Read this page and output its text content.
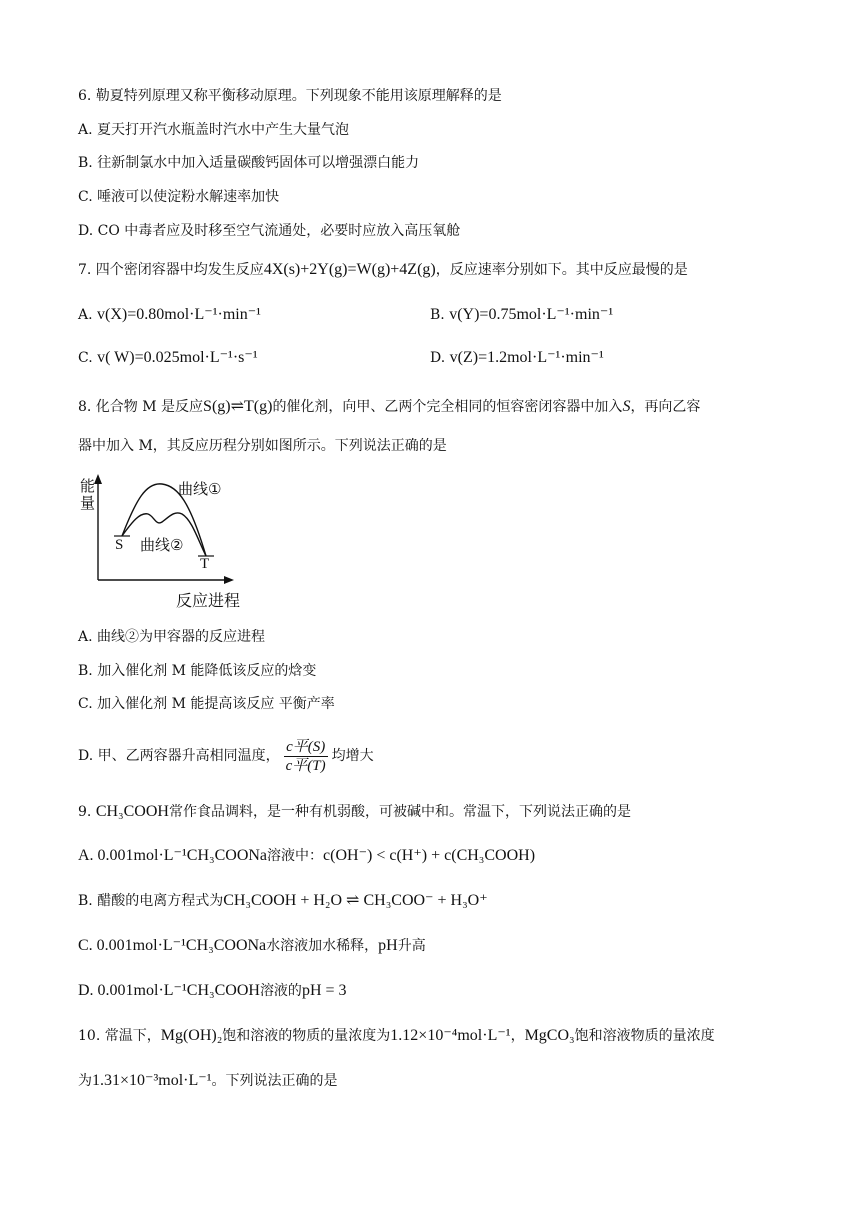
6. 勒夏特列原理又称平衡移动原理。下列现象不能用该原理解释的是
A. 夏天打开汽水瓶盖时汽水中产生大量气泡
B. 往新制氯水中加入适量碳酸钙固体可以增强漂白能力
C. 唾液可以使淀粉水解速率加快
D. CO 中毒者应及时移至空气流通处，必要时应放入高压氧舱
7. 四个密闭容器中均发生反应4X(s)+2Y(g)=W(g)+4Z(g)，反应速率分别如下。其中反应最慢的是
A. v(X)=0.80mol·L⁻¹·min⁻¹	B. v(Y)=0.75mol·L⁻¹·min⁻¹
C. v( W)=0.025mol·L⁻¹·s⁻¹	D. v(Z)=1.2mol·L⁻¹·min⁻¹
8. 化合物 M 是反应S(g)⇌T(g)的催化剂，向甲、乙两个完全相同的恒容密闭容器中加入S，再向乙容
器中加入 M，其反应历程分别如图所示。下列说法正确的是
能量
曲线①
曲线②
S
T
反应进程
A. 曲线②为甲容器的反应进程
B. 加入催化剂 M 能降低该反应的焓变
C. 加入催化剂 M 能提高该反应 平衡产率
D. 甲、乙两容器升高相同温度， $\frac{\text{c平(S)}}{\text{c平(T)}}$ 均增大
9. CH₃COOH常作食品调料，是一种有机弱酸，可被碱中和。常温下，下列说法正确的是
A. 0.001mol·L⁻¹CH₃COONa溶液中：c(OH⁻) < c(H⁺) + c(CH₃COOH)
B. 醋酸的电离方程式为CH₃COOH + H₂O ⇌ CH₃COO⁻ + H₃O⁺
C. 0.001mol·L⁻¹CH₃COONa水溶液加水稀释，pH升高
D. 0.001mol·L⁻¹CH₃COOH溶液的pH = 3
10. 常温下，Mg(OH)₂饱和溶液的物质的量浓度为1.12×10⁻⁴mol·L⁻¹，MgCO₃饱和溶液物质的量浓度
为1.31×10⁻³mol·L⁻¹。下列说法正确的是
